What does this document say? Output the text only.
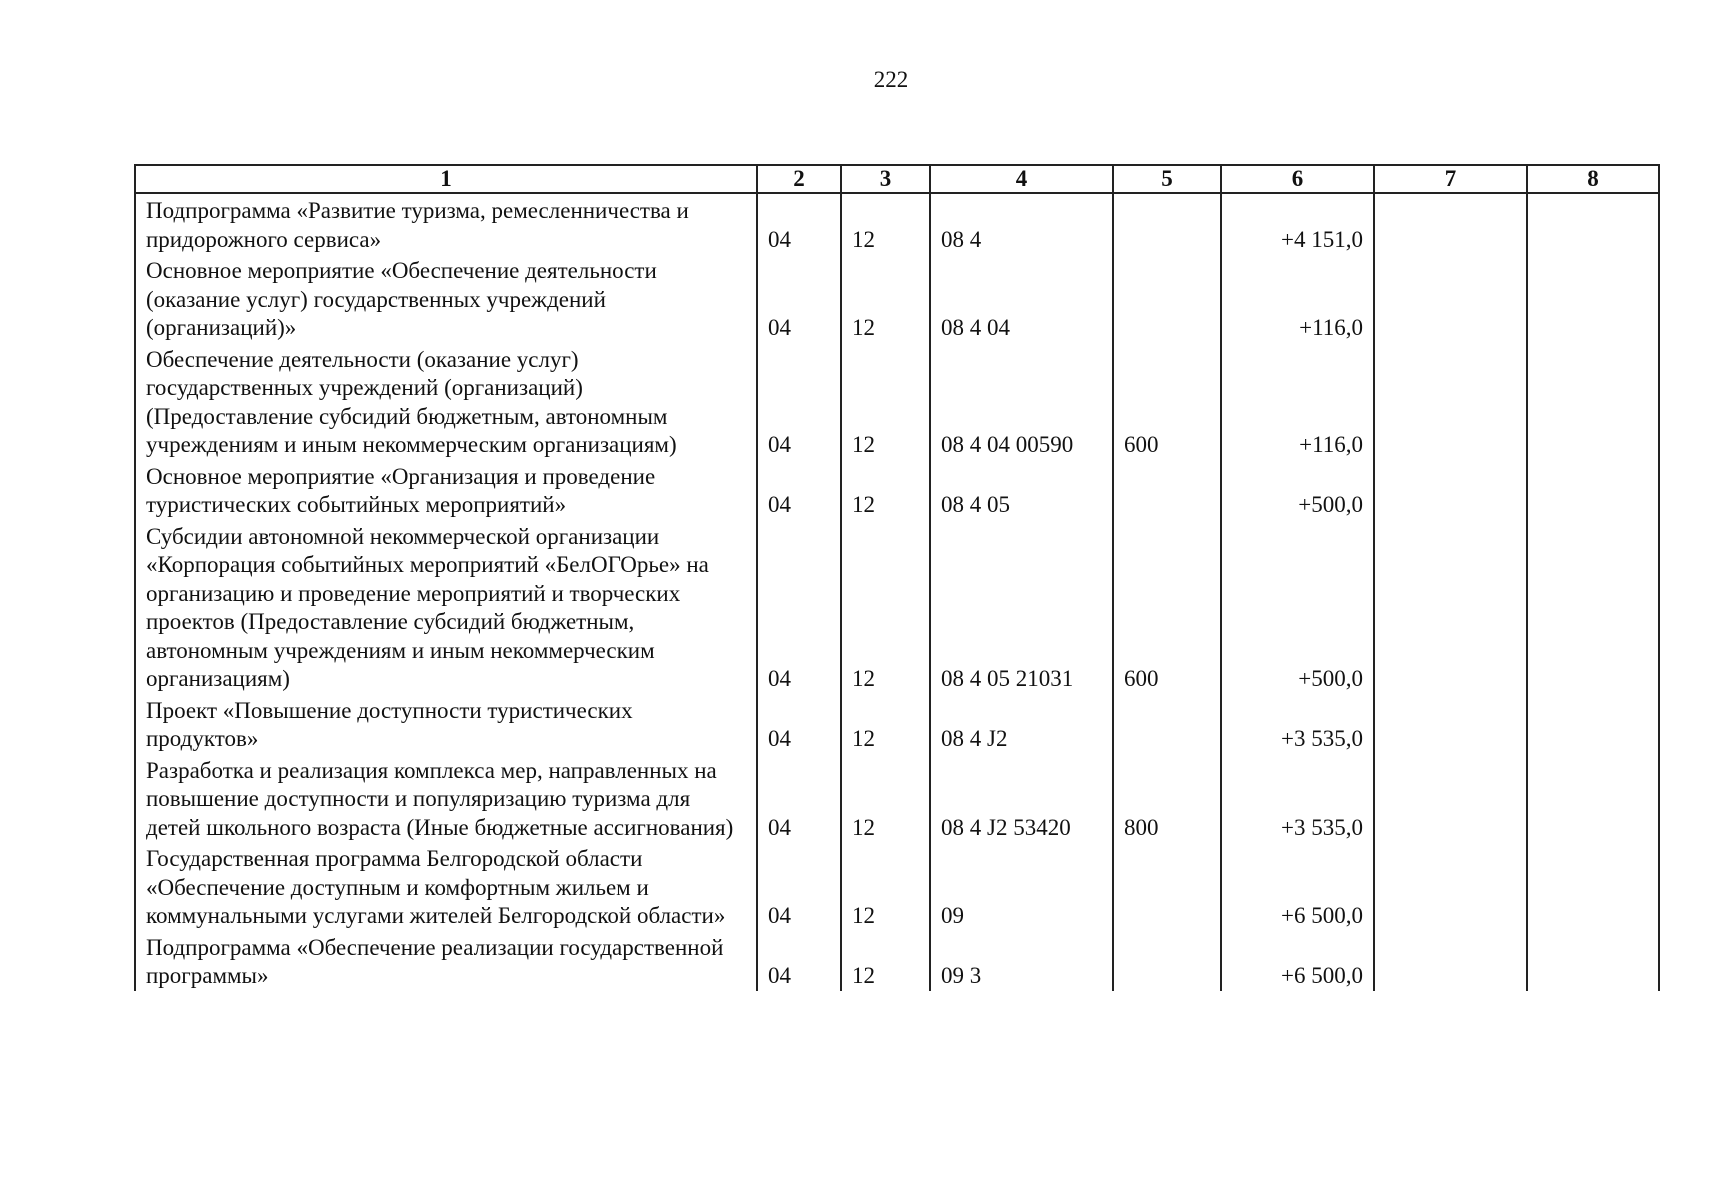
222
1	2	3	4	5	6	7	8
Подпрограмма «Развитие туризма, ремесленничества и придорожного сервиса»	04	12	08 4		+4 151,0		
Основное мероприятие «Обеспечение деятельности (оказание услуг) государственных учреждений (организаций)»	04	12	08 4 04		+116,0		
Обеспечение деятельности (оказание услуг) государственных учреждений (организаций) (Предоставление субсидий бюджетным, автономным учреждениям и иным некоммерческим организациям)	04	12	08 4 04 00590	600	+116,0		
Основное мероприятие «Организация и проведение туристических событийных мероприятий»	04	12	08 4 05		+500,0		
Субсидии автономной некоммерческой организации «Корпорация событийных мероприятий «БелОГОрье» на организацию и проведение мероприятий и творческих проектов (Предоставление субсидий бюджетным, автономным учреждениям и иным некоммерческим организациям)	04	12	08 4 05 21031	600	+500,0		
Проект «Повышение доступности туристических продуктов»	04	12	08 4 J2		+3 535,0		
Разработка и реализация комплекса мер, направленных на повышение доступности и популяризацию туризма для детей школьного возраста (Иные бюджетные ассигнования)	04	12	08 4 J2 53420	800	+3 535,0		
Государственная программа Белгородской области «Обеспечение доступным и комфортным жильем и коммунальными услугами жителей Белгородской области»	04	12	09		+6 500,0		
Подпрограмма «Обеспечение реализации государственной программы»	04	12	09 3		+6 500,0		
